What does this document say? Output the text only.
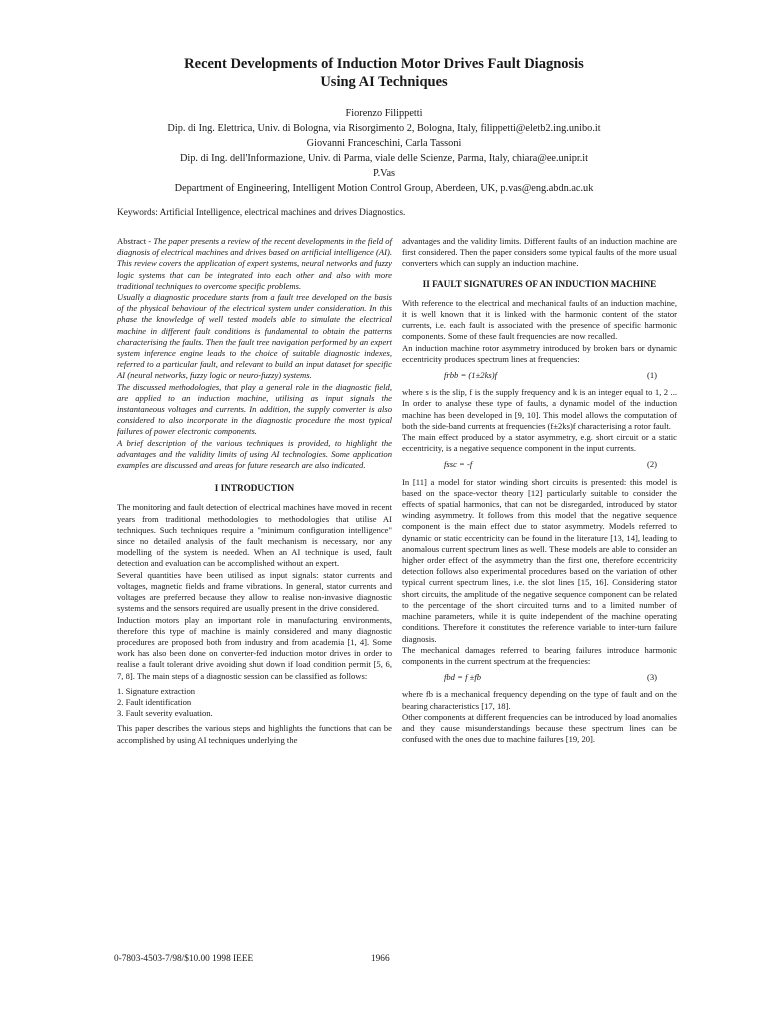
Recent Developments of Induction Motor Drives Fault Diagnosis
Using AI Techniques
Fiorenzo Filippetti
Dip. di Ing. Elettrica, Univ. di Bologna, via Risorgimento 2, Bologna, Italy, filippetti@eletb2.ing.unibo.it
Giovanni Franceschini, Carla Tassoni
Dip. di Ing. dell'Informazione, Univ. di Parma, viale delle Scienze, Parma, Italy, chiara@ee.unipr.it
P.Vas
Department of Engineering, Intelligent Motion Control Group, Aberdeen, UK, p.vas@eng.abdn.ac.uk
Keywords: Artificial Intelligence, electrical machines and drives Diagnostics.

Abstract - The paper presents a review of the recent developments in the field of diagnosis of electrical machines and drives based on artificial intelligence (AI). This review covers the application of expert systems, neural networks and fuzzy logic systems that can be integrated into each other and also with more traditional techniques to overcome specific problems.

Usually a diagnostic procedure starts from a fault tree developed on the basis of the physical behaviour of the electrical system under consideration. In this phase the knowledge of well tested models able to simulate the electrical machine in different fault conditions is fundamental to obtain the patterns characterising the faults. Then the fault tree navigation performed by an expert system inference engine leads to the choice of suitable diagnostic indexes, referred to a particular fault, and relevant to build an input dataset for specific AI (neural networks, fuzzy logic or neuro-fuzzy) systems.

The discussed methodologies, that play a general role in the diagnostic field, are applied to an induction machine, utilising as input signals the instantaneous voltages and currents. In addition, the supply converter is also considered to also incorporate in the diagnostic procedure the most typical failures of power electronic components.

A brief description of the various techniques is provided, to highlight the advantages and the validity limits of using AI technologies. Some application examples are discussed and areas for future research are also indicated.

I INTRODUCTION

The monitoring and fault detection of electrical machines have moved in recent years from traditional methodologies to methodologies that utilise AI techniques. Such techniques require a "minimum configuration intelligence" since no detailed analysis of the fault mechanism is necessary, nor any modelling of the system is needed. When an AI technique is used, fault detection and evaluation can be accomplished without an expert.

Several quantities have been utilised as input signals: stator currents and voltages, magnetic fields and frame vibrations. In general, stator currents and voltages are preferred because they allow to realise non-invasive diagnostic systems and the sensors required are usually present in the drive considered.

Induction motors play an important role in manufacturing environments, therefore this type of machine is mainly considered and many diagnostic procedures are proposed both from industry and from academia [1, 4]. Some work has also been done on converter-fed induction motor drives in order to realise a fault tolerant drive avoiding shut down if load condition permit [5, 6, 7, 8]. The main steps of a diagnostic session can be classified as follows:

1. Signature extraction
2. Fault identification
3. Fault severity evaluation.

This paper describes the various steps and highlights the functions that can be accomplished by using AI techniques underlying the

advantages and the validity limits. Different faults of an induction machine are first considered. Then the paper considers some typical faults of the more usual converters which can supply an induction machine.

II FAULT SIGNATURES OF AN INDUCTION MACHINE

With reference to the electrical and mechanical faults of an induction machine, it is well known that it is linked with the harmonic content of the stator currents, i.e. each fault is associated with the presence of specific harmonic components. Some of these fault frequencies are now recalled.

An induction machine rotor asymmetry introduced by broken bars or dynamic eccentricity produces spectrum lines at frequencies:

frbb = (1±2ks)f	(1)

where s is the slip, f is the supply frequency and k is an integer equal to 1, 2 ... In order to analyse these type of faults, a dynamic model of the induction machine has been developed in [9, 10]. This model allows the computation of both the side-band currents at frequencies (f±2ks)f characterising a rotor fault.

The main effect produced by a stator asymmetry, e.g. short circuit or a static eccentricity, is a negative sequence component in the input currents.

fssc = -f	(2)

In [11] a model for stator winding short circuits is presented: this model is based on the space-vector theory [12] particularly suitable to consider the effects of spatial harmonics, that can not be disregarded, introduced by stator winding asymmetry. It follows from this model that the negative sequence component is the main effect due to stator asymmetry. Models referred to dynamic or static eccentricity can be found in the literature [13, 14], leading to anomalous current spectrum lines as well. These models are able to consider an higher order effect of the asymmetry than the first one, therefore eccentricity detection follows also experimental procedures based on the variation of other typical current spectrum lines, i.e. the slot lines [15, 16]. Considering stator short circuits, the amplitude of the negative sequence component can be related to the percentage of the short circuited turns and to a limited number of machine parameters, while it is quite independent of the machine operating conditions. Therefore it constitutes the reference variable to inter-turn failure diagnosis.

The mechanical damages referred to bearing failures introduce harmonic components in the current spectrum at the frequencies:

fbd = f ±fb	(3)

where fb is a mechanical frequency depending on the type of fault and on the bearing characteristics [17, 18].

Other components at different frequencies can be introduced by load anomalies and they cause misunderstandings because these spectrum lines can be confused with the ones due to machine failures [19, 20].

0-7803-4503-7/98/$10.00 1998 IEEE	1966
